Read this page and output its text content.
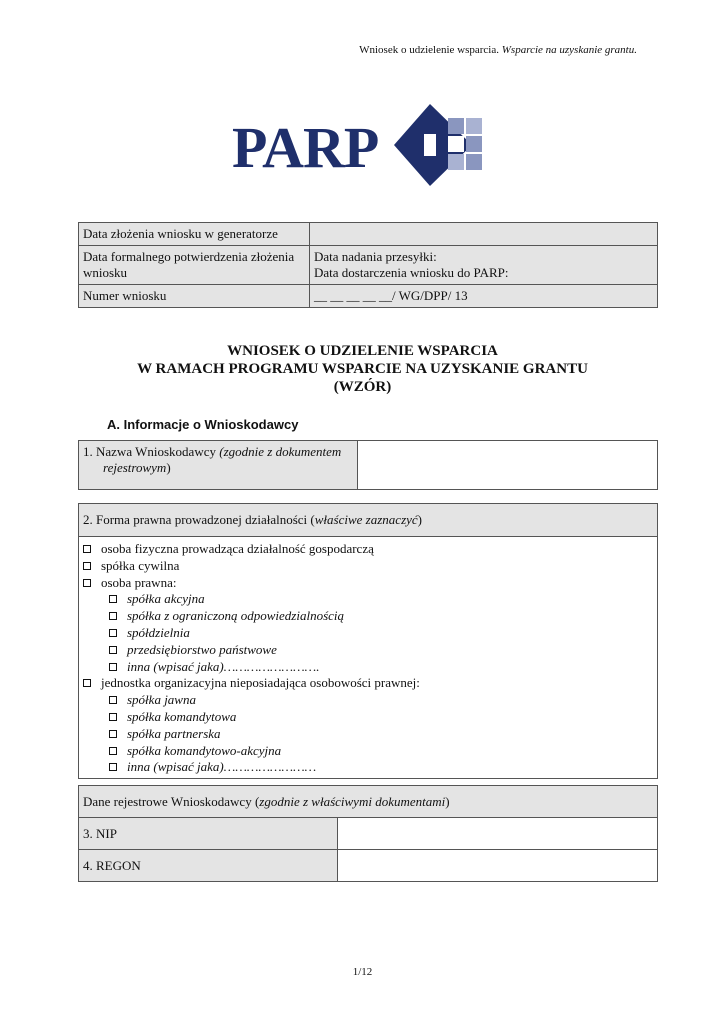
Wniosek o udzielenie wsparcia. Wsparcie na uzyskanie grantu.
PARP
Data złożenia wniosku w generatorze	
Data formalnego potwierdzenia złożenia wniosku	Data nadania przesyłki:
Data dostarczenia wniosku do PARP:

Numer wniosku	__ __ __ __ __/ WG/DPP/ 13
WNIOSEK O UDZIELENIE WSPARCIA
W RAMACH PROGRAMU WSPARCIE NA UZYSKANIE GRANTU
(WZÓR)
A. Informacje o Wnioskodawcy
1. Nazwa Wnioskodawcy (zgodnie z dokumentem rejestrowym)	
2. Forma prawna prowadzonej działalności (właściwe zaznaczyć)

osoba fizyczna prowadząca działalność gospodarczą
spółka cywilna
osoba prawna:
spółka akcyjna
spółka z ograniczoną odpowiedzialnością
spółdzielnia
przedsiębiorstwo państwowe
inna (wpisać jaka)…………………….
jednostka organizacyjna nieposiadająca osobowości prawnej:
spółka jawna
spółka komandytowa
spółka partnerska
spółka komandytowo-akcyjna
inna (wpisać jaka)……………………
Dane rejestrowe Wnioskodawcy (zgodnie z właściwymi dokumentami)	
3. NIP	
4. REGON	
1/12
